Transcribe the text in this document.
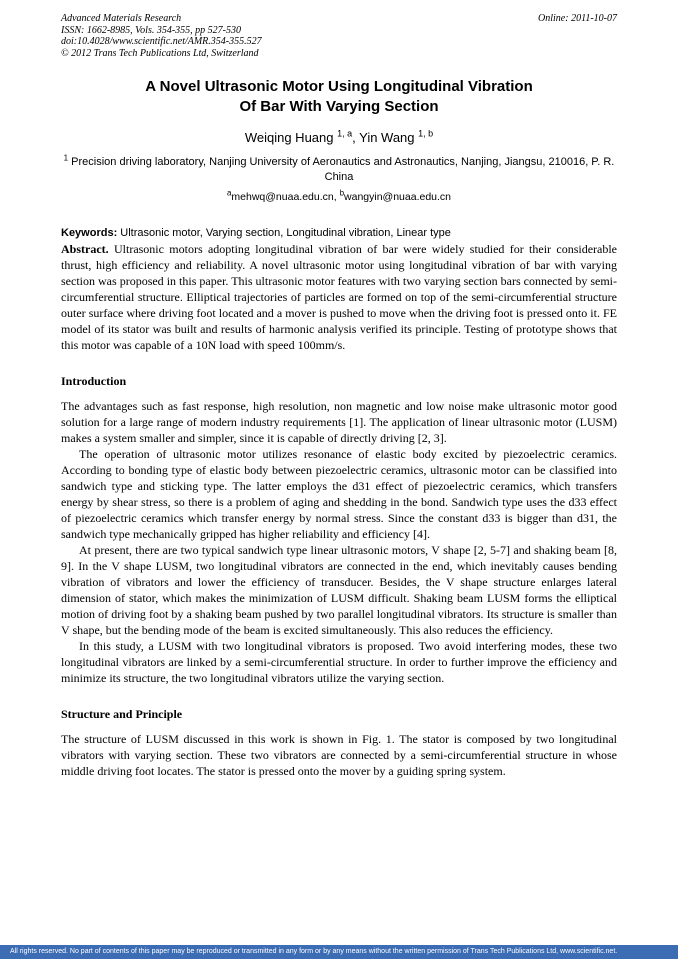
Advanced Materials Research	Online: 2011-10-07
ISSN: 1662-8985, Vols. 354-355, pp 527-530
doi:10.4028/www.scientific.net/AMR.354-355.527
© 2012 Trans Tech Publications Ltd, Switzerland
A Novel Ultrasonic Motor Using Longitudinal Vibration
Of Bar With Varying Section
Weiqing Huang $^{1, a}$, Yin Wang $^{1, b}$
$^1$ Precision driving laboratory, Nanjing University of Aeronautics and Astronautics, Nanjing, Jiangsu, 210016, P. R. China
$^a$mehwq@nuaa.edu.cn, $^b$wangyin@nuaa.edu.cn
Keywords: Ultrasonic motor, Varying section, Longitudinal vibration, Linear type

Abstract. Ultrasonic motors adopting longitudinal vibration of bar were widely studied for their considerable thrust, high efficiency and reliability. A novel ultrasonic motor using longitudinal vibration of bar with varying section was proposed in this paper. This ultrasonic motor features with two varying section bars connected by semi-circumferential structure. Elliptical trajectories of particles are formed on top of the semi-circumferential structure outer surface where driving foot located and a mover is pushed to move when the driving foot is pressed onto it. FE model of its stator was built and results of harmonic analysis verified its principle. Testing of prototype shows that this motor was capable of a 10N load with speed 100mm/s.

Introduction

The advantages such as fast response, high resolution, non magnetic and low noise make ultrasonic motor good solution for a large range of modern industry requirements [1]. The application of linear ultrasonic motor (LUSM) makes a system smaller and simpler, since it is capable of directly driving [2, 3].

The operation of ultrasonic motor utilizes resonance of elastic body excited by piezoelectric ceramics. According to bonding type of elastic body between piezoelectric ceramics, ultrasonic motor can be classified into sandwich type and sticking type. The latter employs the d31 effect of piezoelectric ceramics, which transfers energy by shear stress, so there is a problem of aging and shedding in the bond. Sandwich type uses the d33 effect of piezoelectric ceramics which transfer energy by normal stress. Since the constant d33 is bigger than d31, the sandwich type mechanically gripped has higher reliability and efficiency [4].

At present, there are two typical sandwich type linear ultrasonic motors, V shape [2, 5-7] and shaking beam [8, 9]. In the V shape LUSM, two longitudinal vibrators are connected in the end, which inevitably causes bending vibration of vibrators and lower the efficiency of transducer. Besides, the V shape structure enlarges lateral dimension of stator, which makes the minimization of LUSM difficult. Shaking beam LUSM forms the elliptical motion of driving foot by a shaking beam pushed by two parallel longitudinal vibrators. Its structure is smaller than V shape, but the bending mode of the beam is excited simultaneously. This also reduces the efficiency.

In this study, a LUSM with two longitudinal vibrators is proposed. Two avoid interfering modes, these two longitudinal vibrators are linked by a semi-circumferential structure. In order to further improve the efficiency and minimize its structure, the two longitudinal vibrators utilize the varying section.

Structure and Principle

The structure of LUSM discussed in this work is shown in Fig. 1. The stator is composed by two longitudinal vibrators with varying section. These two vibrators are connected by a semi-circumferential structure in whose middle driving foot locates. The stator is pressed onto the mover by a guiding spring system.

All rights reserved. No part of contents of this paper may be reproduced or transmitted in any form or by any means without the written permission of Trans Tech Publications Ltd, www.scientific.net.
